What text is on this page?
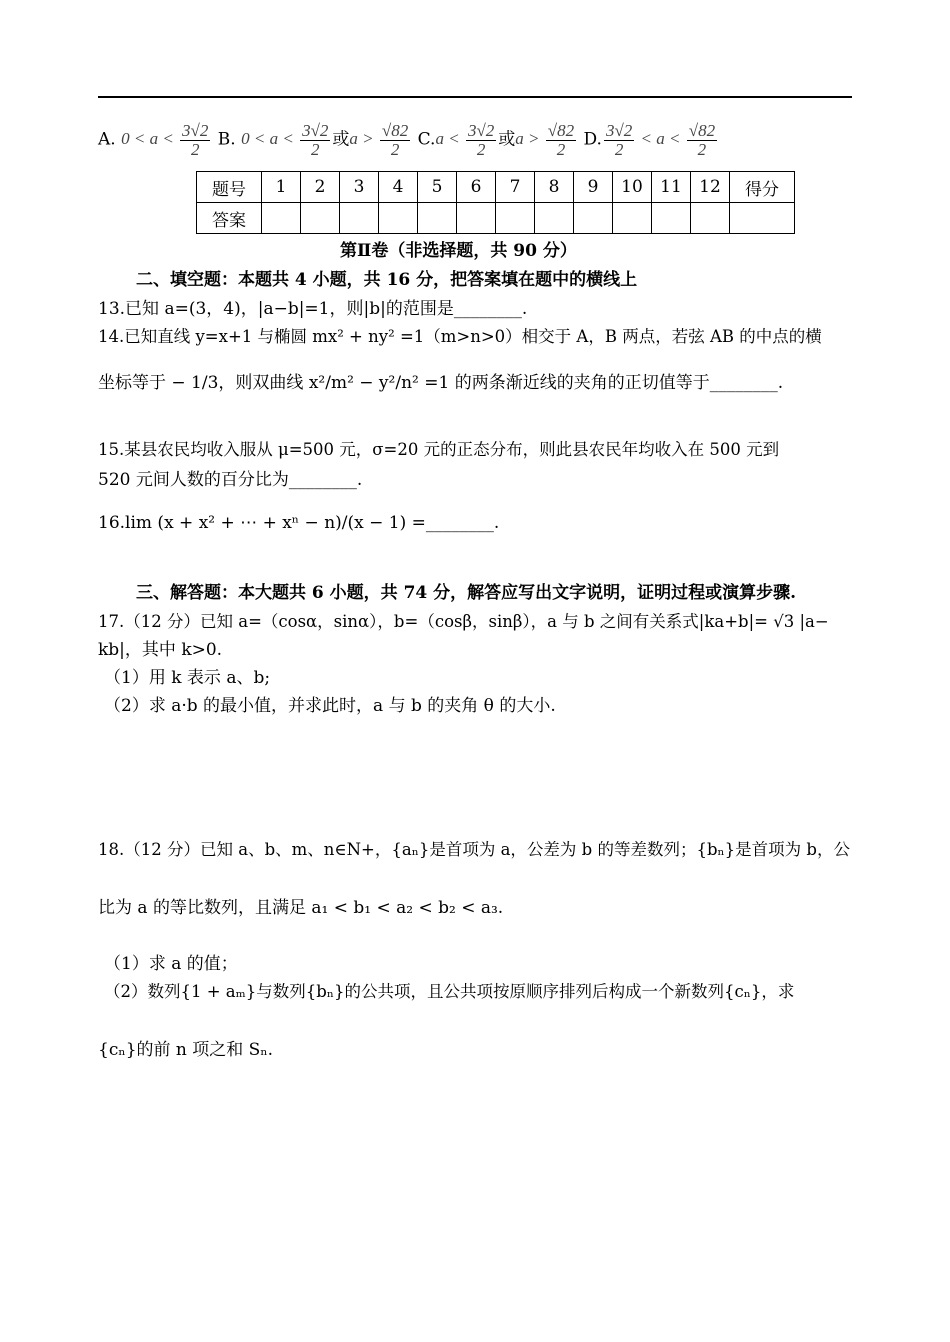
A. $0 < a < \frac{3√2}{2} B$. $0 < a < \frac{3√2}{2}$ 或$a > \frac{√82}{2} C.a < \frac{3√2}{2}$ 或$a > \frac{√82}{2} D$. $\frac{3√2}{2} < a < \frac{√82}{2}$
题号	1	2	3	4	5	6	7	8	9	10	11	12	得分
答案													
第Ⅱ卷（非选择题，共 90 分）
二、填空题：本题共 4 小题，共 16 分，把答案填在题中的横线上
13.已知 a=(3，4)，|a−b|=1，则|b|的范围是________.
14.已知直线 y=x+1 与椭圆 mx² + ny² =1（m>n>0）相交于 A，B 两点，若弦 AB 的中点的横
坐标等于 − 1/3，则双曲线 x²/m² − y²/n² =1 的两条渐近线的夹角的正切值等于________.
15.某县农民均收入服从 μ=500 元，σ=20 元的正态分布，则此县农民年均收入在 500 元到
520 元间人数的百分比为________.
16.lim (x + x² + ⋯ + xⁿ − n)/(x − 1) =________.
三、解答题：本大题共 6 小题，共 74 分，解答应写出文字说明，证明过程或演算步骤.
17.（12 分）已知 a=（cosα，sinα），b=（cosβ，sinβ），a 与 b 之间有关系式|ka+b|= √3 |a−
kb|，其中 k>0.
（1）用 k 表示 a、b;
（2）求 a·b 的最小值，并求此时，a 与 b 的夹角 θ 的大小.
18.（12 分）已知 a、b、m、n∈N+，{aₙ}是首项为 a，公差为 b 的等差数列；{bₙ}是首项为 b，公
比为 a 的等比数列，且满足 a₁ < b₁ < a₂ < b₂ < a₃.
（1）求 a 的值；
（2）数列{1 + aₘ}与数列{bₙ}的公共项，且公共项按原顺序排列后构成一个新数列{cₙ}，求
{cₙ}的前 n 项之和 Sₙ.
